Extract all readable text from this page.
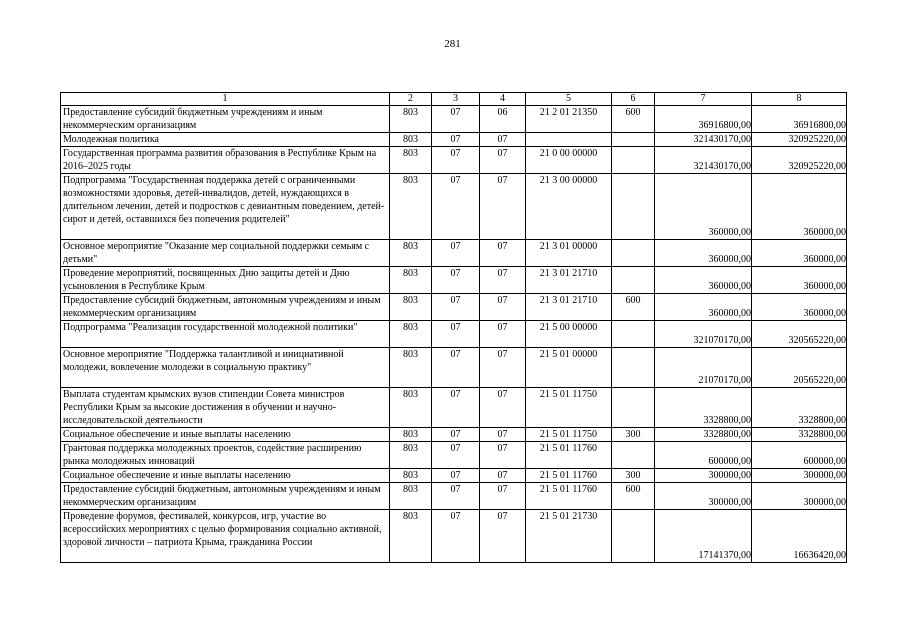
281
1	2	3	4	5	6	7	8
Предоставление субсидий бюджетным учреждениям и иным некоммерческим организациям	803	07	06	21 2 01 21350	600	36916800,00	36916800,00
Молодежная политика	803	07	07			321430170,00	320925220,00
Государственная программа развития образования в Республике Крым на 2016–2025 годы	803	07	07	21 0 00 00000		321430170,00	320925220,00
Подпрограмма "Государственная поддержка детей с ограниченными возможностями здоровья, детей-инвалидов, детей, нуждающихся в длительном лечении, детей и подростков с девиантным поведением, детей-сирот и детей, оставшихся без попечения родителей"	803	07	07	21 3 00 00000		360000,00	360000,00
Основное мероприятие "Оказание мер социальной поддержки семьям с детьми"	803	07	07	21 3 01 00000		360000,00	360000,00
Проведение мероприятий, посвященных Дню защиты детей и Дню усыновления в Республике Крым	803	07	07	21 3 01 21710		360000,00	360000,00
Предоставление субсидий бюджетным, автономным учреждениям и иным некоммерческим организациям	803	07	07	21 3 01 21710	600	360000,00	360000,00
Подпрограмма "Реализация государственной молодежной политики"	803	07	07	21 5 00 00000		321070170,00	320565220,00
Основное мероприятие "Поддержка талантливой и инициативной молодежи, вовлечение молодежи в социальную практику"	803	07	07	21 5 01 00000		21070170,00	20565220,00
Выплата студентам крымских вузов стипендии Совета министров Республики Крым за высокие достижения в обучении и научно-исследовательской деятельности	803	07	07	21 5 01 11750		3328800,00	3328800,00
Социальное обеспечение и иные выплаты населению	803	07	07	21 5 01 11750	300	3328800,00	3328800,00
Грантовая поддержка молодежных проектов, содействие расширению рынка молодежных инноваций	803	07	07	21 5 01 11760		600000,00	600000,00
Социальное обеспечение и иные выплаты населению	803	07	07	21 5 01 11760	300	300000,00	300000,00
Предоставление субсидий бюджетным, автономным учреждениям и иным некоммерческим организациям	803	07	07	21 5 01 11760	600	300000,00	300000,00
Проведение форумов, фестивалей, конкурсов, игр, участие во всероссийских мероприятиях с целью формирования социально активной, здоровой личности – патриота Крыма, гражданина России	803	07	07	21 5 01 21730		17141370,00	16636420,00
